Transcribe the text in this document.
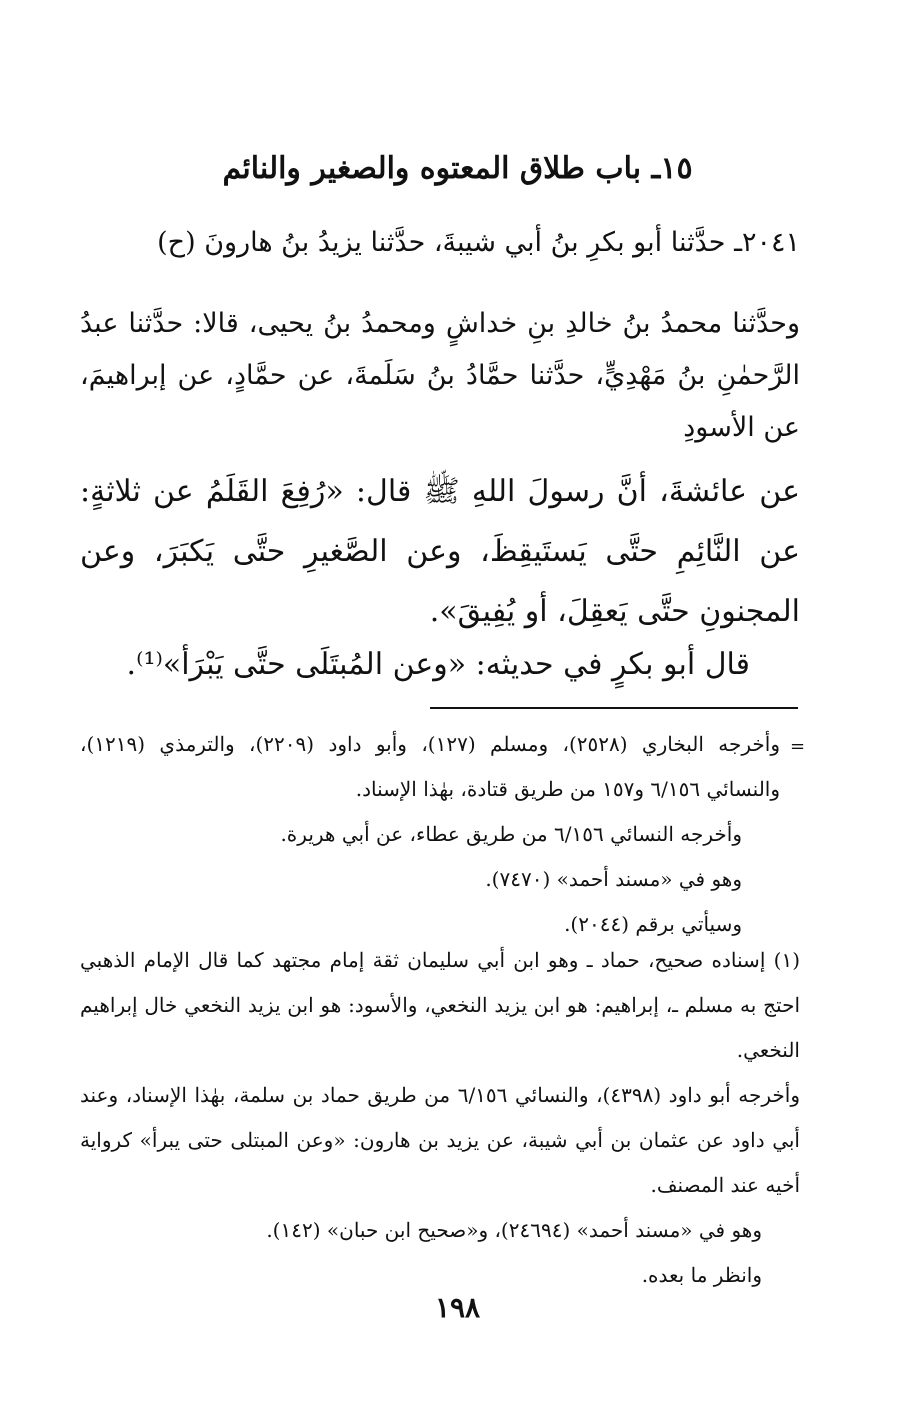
١٥ـ باب طلاق المعتوه والصغير والنائم
٢٠٤١ـ حدَّثنا أبو بكرِ بنُ أبي شيبةَ، حدَّثنا يزيدُ بنُ هارونَ (ح)
وحدَّثنا محمدُ بنُ خالدِ بنِ خداشٍ ومحمدُ بنُ يحيى، قالا: حدَّثنا عبدُ الرَّحمٰنِ بنُ مَهْدِيٍّ، حدَّثنا حمَّادُ بنُ سَلَمةَ، عن حمَّادٍ، عن إبراهيمَ، عن الأسودِ
عن عائشةَ، أنَّ رسولَ اللهِ ﷺ قال: «رُفِعَ القَلَمُ عن ثلاثةٍ: عن النَّائِمِ حتَّى يَستَيقِظَ، وعن الصَّغيرِ حتَّى يَكبَرَ، وعن المجنونِ حتَّى يَعقِلَ، أو يُفِيقَ».
قال أبو بكرٍ في حديثه: «وعن المُبتَلَى حتَّى يَبْرَأ»⁽¹⁾.
=

وأخرجه البخاري (٢٥٢٨)، ومسلم (١٢٧)، وأبو داود (٢٢٠٩)، والترمذي (١٢١٩)، والنسائي ٦/١٥٦ و١٥٧ من طريق قتادة، بهٰذا الإسناد.

وأخرجه النسائي ٦/١٥٦ من طريق عطاء، عن أبي هريرة.

وهو في «مسند أحمد» (٧٤٧٠).

وسيأتي برقم (٢٠٤٤).

(١) إسناده صحيح، حماد ـ وهو ابن أبي سليمان ثقة إمام مجتهد كما قال الإمام الذهبي احتج به مسلم ـ، إبراهيم: هو ابن يزيد النخعي، والأسود: هو ابن يزيد النخعي خال إبراهيم النخعي.

وأخرجه أبو داود (٤٣٩٨)، والنسائي ٦/١٥٦ من طريق حماد بن سلمة، بهٰذا الإسناد، وعند أبي داود عن عثمان بن أبي شيبة، عن يزيد بن هارون: «وعن المبتلى حتى يبرأ» كرواية أخيه عند المصنف.

وهو في «مسند أحمد» (٢٤٦٩٤)، و«صحيح ابن حبان» (١٤٢).

وانظر ما بعده.

١٩٨
